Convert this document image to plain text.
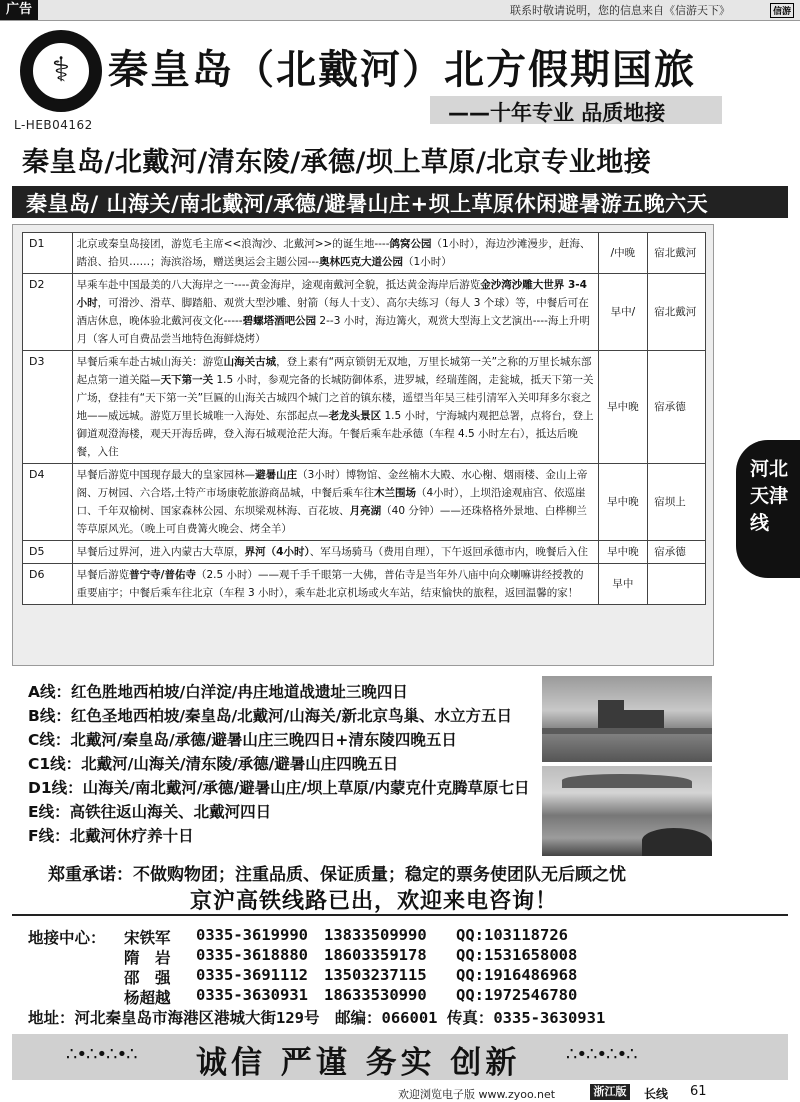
广告	联系时敬请说明，您的信息来自《信游天下》	信游
⚕
L-HEB04162
秦皇岛（北戴河）北方假期国旅
——十年专业 品质地接
秦皇岛/北戴河/清东陵/承德/坝上草原/北京专业地接
秦皇岛/ 山海关/南北戴河/承德/避暑山庄+坝上草原休闲避暑游五晚六天
D1	北京或秦皇岛接团，游览毛主席<<浪淘沙、北戴河>>的诞生地----鸽窝公园（1小时），海边沙滩漫步，赶海、踏浪、拾贝……；海滨浴场，赠送奥运会主题公园---奥林匹克大道公园（1小时）	/中晚	宿北戴河
D2	早乘车赴中国最美的八大海岸之一----黄金海岸，途观南戴河全貌，抵达黄金海岸后游览金沙湾沙雕大世界 3-4 小时，可滑沙、滑草、脚踏船、观赏大型沙雕、射箭（每人十支）、高尔夫练习（每人 3 个球）等，中餐后可在酒店休息，晚体验北戴河夜文化-----碧螺塔酒吧公园 2--3 小时，海边篝火，观赏大型海上文艺演出----海上升明月（客人可自费品尝当地特色海鲜烧烤）	早中/	宿北戴河
D3	早餐后乘车赴古城山海关：游览山海关古城，登上素有“两京锁钥无双地，万里长城第一关”之称的万里长城东部起点第一道关隘—天下第一关 1.5 小时，参观完备的长城防御体系，进罗城，经瑞莲阁，走瓮城，抵天下第一关广场，登挂有“天下第一关”巨匾的山海关古城四个城门之首的镇东楼，遥望当年吴三桂引清军入关叩拜多尔衮之地——威远城。游览万里长城唯一入海处、东部起点—老龙头景区 1.5 小时，宁海城内观把总署，点将台，登上御道观澄海楼，观天开海岳碑，登入海石城观沧茫大海。午餐后乘车赴承德（车程 4.5 小时左右），抵达后晚餐，入住	早中晚	宿承德
D4	早餐后游览中国现存最大的皇家园林—避暑山庄（3小时）博物馆、金丝楠木大殿、水心榭、烟雨楼、金山上帝阁、万树园、六合塔,土特产市场康乾旅游商品城，中餐后乘车往木兰围场（4小时），上坝沿途观庙宫、依巡崖口、千年双榆树、国家森林公园、东坝梁观林海、百花坡、月亮湖（40 分钟）——还珠格格外景地、白桦柳兰等草原风光。（晚上可自费篝火晚会、烤全羊）	早中晚	宿坝上
D5	早餐后过界河，进入内蒙古大草原，界河（4小时）、军马场骑马（费用自理），下午返回承德市内，晚餐后入住	早中晚	宿承德
D6	早餐后游览普宁寺/普佑寺（2.5 小时）——观千手千眼第一大佛，普佑寺是当年外八庙中向众喇嘛讲经授教的重要庙宇；中餐后乘车往北京（车程 3 小时），乘车赴北京机场或火车站，结束愉快的旅程，返回温馨的家！	早中	
河北天津线
A线：红色胜地西柏坡/白洋淀/冉庄地道战遗址三晚四日
B线：红色圣地西柏坡/秦皇岛/北戴河/山海关/新北京鸟巢、水立方五日
C线：北戴河/秦皇岛/承德/避暑山庄三晚四日+清东陵四晚五日
C1线：北戴河/山海关/清东陵/承德/避暑山庄四晚五日
D1线：山海关/南北戴河/承德/避暑山庄/坝上草原/内蒙克什克腾草原七日
E线：高铁往返山海关、北戴河四日
F线：北戴河休疗养十日
郑重承诺：不做购物团；注重品质、保证质量；稳定的票务使团队无后顾之忧
京沪高铁线路已出，欢迎来电咨询！
地接中心： 宋铁军	0335-3619990 13833509990 QQ:103118726
隋　岩	0335-3618880 18603359178 QQ:1531658008
邵　强	0335-3691112 13503237115 QQ:1916486968
杨超越	0335-3630931 18633530990 QQ:1972546780
地址：河北秦皇岛市海港区港城大街129号　邮编：066001 传真：0335-3630931
∴•∴•∴•∴ 诚信 严谨 务实 创新	∴•∴•∴•∴
欢迎浏览电子版 www.zyoo.net	浙江版 长线 61
